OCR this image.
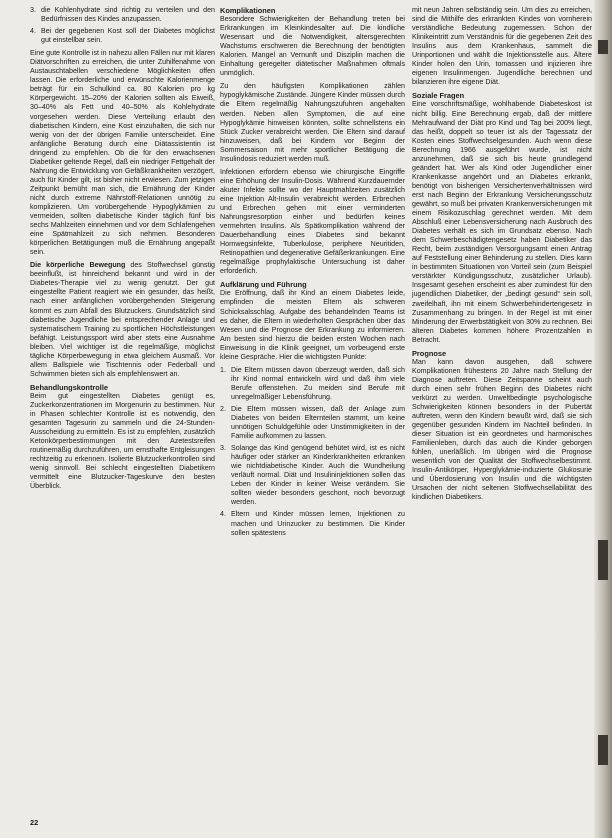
3. die Kohlenhydrate sind richtig zu verteilen und den Bedürfnissen des Kindes anzupassen.
4. Bei der gegebenen Kost soll der Diabetes möglichst gut einstellbar sein.

Eine gute Kontrolle ist in nahezu allen Fällen nur mit klaren Diätvorschriften zu erreichen, die unter Zuhilfenahme von Austauschtabellen verschiedene Möglichkeiten offen lassen. Die erforderliche und erwünschte Kalorienmenge beträgt für ein Schulkind ca. 80 Kalorien pro kg Körpergewicht. 15–20% der Kalorien sollten als Eiweiß, 30–40% als Fett und 40–50% als Kohlehydrate vorgesehen werden. Diese Verteilung erlaubt den diabetischen Kindern, eine Kost einzuhalten, die sich nur wenig von der der übrigen Familie unterscheidet. Eine anfängliche Beratung durch eine Diätassistentin ist dringend zu empfehlen. Ob die für den erwachsenen Diabetiker geltende Regel, daß ein niedriger Fettgehalt der Nahrung die Entwicklung von Gefäßkrankheiten verzögert, auch für Kinder gilt, ist bisher nicht erwiesen. Zum jetzigen Zeitpunkt bemüht man sich, die Ernährung der Kinder nicht durch extreme Nährstoff-Relationen unnötig zu komplizieren. Um vorübergehende Hypoglykämien zu vermeiden, sollten diabetische Kinder täglich fünf bis sechs Mahlzeiten einnehmen und vor dem Schlafengehen eine Spätmahlzeit zu sich nehmen. Besonderen körperlichen Betätigungen muß die Ernährung angepaßt sein.

Die körperliche Bewegung des Stoffwechsel günstig beeinflußt, ist hinreichend bekannt und wird in der Diabetes-Therapie viel zu wenig genutzt. Der gut eingestellte Patient reagiert wie ein gesunder, das heißt, nach einer anfänglichen vorübergehenden Steigerung kommt es zum Abfall des Blutzuckers. Grundsätzlich sind diabetische Jugendliche bei entsprechender Anlage und systematischem Training zu sportlichen Höchstleistungen befähigt. Leistungssport wird aber stets eine Ausnahme bleiben. Viel wichtiger ist die regelmäßige, möglichst tägliche Körperbewegung in etwa gleichem Ausmaß. Vor allem Ballspiele wie Tischtennis oder Federball und Schwimmen bieten sich als empfehlenswert an.

Behandlungskontrolle

Beim gut eingestellten Diabetes genügt es, Zuckerkonzentrationen im Morgenurin zu bestimmen. Nur in Phasen schlechter Kontrolle ist es notwendig, den gesamten Tagesurin zu sammeln und die 24-Stunden-Ausscheidung zu ermitteln. Es ist zu empfehlen, zusätzlich Ketonkörperbestimmungen mit den Azetestsreifen routinemäßig durchzuführen, um ernsthafte Entgleisungen rechtzeitig zu erkennen. Isolierte Blutzuckerkontrollen sind wenig sinnvoll. Bei schlecht eingestellten Diabetikern vermittelt eine Blutzucker-Tageskurve den besten Überblick.

Komplikationen

Besondere Schwierigkeiten der Behandlung treten bei Erkrankungen im Kleinkindesalter auf. Die kindliche Wesensart und die Notwendigkeit, altersgerechten Wachstums erschweren die Berechnung der benötigten Kalorien. Mangel an Vernunft und Disziplin machen die Einhaltung geregelter diätetischer Maßnahmen oftmals unmöglich.

Zu den häufigsten Komplikationen zählen hypoglykämische Zustände. Jüngere Kinder müssen durch die Eltern regelmäßig Nahrungszufuhren angehalten werden. Neben allen Symptomen, die auf eine Hypoglykämie hinweisen könnten, sollte schnellstens ein Stück Zucker verabreicht werden. Die Eltern sind darauf hinzuweisen, daß bei Kindern vor Beginn der Sommersaison mit mehr sportlicher Betätigung die Insulindosis reduziert werden muß.

Infektionen erfordern ebenso wie chirurgische Eingriffe eine Erhöhung der Insulin-Dosis. Während Kurzdauernder akuter Infekte sollte wo der Hauptmahlzeiten zusätzlich eine Injektion Alt-Insulin verabreicht werden. Erbrechen und Erbrechen gehen mit einer verminderten Nahrungsresorption einher und bedürfen keines vermehrten Insulins. Als Spätkomplikation während der Dauerbehandlung eines Diabetes sind bekannt Hornwegsinfekte, Tuberkulose, periphere Neuritiden, Retinopathien und degenerative Gefäßerkrankungen. Eine regelmäßige prophylaktische Untersuchung ist daher erforderlich.

Aufklärung und Führung

Die Eröffnung, daß ihr Kind an einem Diabetes leide, empfinden die meisten Eltern als schweren Schicksalsschlag. Aufgabe des behandelnden Teams ist es daher, die Eltern in wiederholten Gesprächen über das Wesen und die Prognose der Erkrankung zu informieren. Am besten sind hierzu die beiden ersten Wochen nach Einweisung in die Klinik geeignet, um vorbeugend erste kleine Gespräche. Hier die wichtigsten Punkte:

1. Die Eltern müssen davon überzeugt werden, daß sich ihr Kind normal entwickeln wird und daß ihm viele Berufe offenstehen. Zu meiden sind Berufe mit unregelmäßiger Lebensführung.
2. Die Eltern müssen wissen, daß der Anlage zum Diabetes von beiden Elternteilen stammt, um keine unnötigen Schuldgefühle oder Unstimmigkeiten in der Familie aufkommen zu lassen.
3. Solange das Kind genügend behütet wird, ist es nicht häufiger oder stärker an Kinderkrankheiten erkranken wie nichtdiabetische Kinder. Auch die Wundheilung verläuft normal. Diät und Insulininjektionen sollen das Leben der Kinder in keiner Weise verändern. Sie sollten wieder besonders geschont, noch bevorzugt werden.
4. Eltern und Kinder müssen lernen, Injektionen zu machen und Urinzucker zu bestimmen. Die Kinder sollen spätestens

mit neun Jahren selbständig sein. Um dies zu erreichen, sind die Mithilfe des erkrankten Kindes von vornherein verständliche Bedeutung zugemessen. Schon der Klinikeintritt zum Verständnis für die gegebenen Zeit des Insulins aus dem Krankenhaus, sammelt die Urinportionen und wählt die Injektionsstelle aus. Ältere Kinder holen den Urin, tomassen und injizieren ihre eigenen Insulinmengen. Jugendliche berechnen und bilanzieren ihre eigene Diät.

Soziale Fragen

Eine vorschriftsmäßige, wohlhabende Diabeteskost ist nicht billig. Eine Berechnung ergab, daß der mittlere Mehraufwand der Diät pro Kind und Tag bei 200% liegt, das heißt, doppelt so teuer ist als der Tagessatz der Kosten eines Stoffwechselgesunden. Auch wenn diese Berechnung 1966 ausgeführt wurde, ist nicht anzunehmen, daß sie sich bis heute grundlegend geändert hat. Wer als Kind oder Jugendlicher einer Krankenkasse angehört und an Diabetes erkrankt, benötigt von bisherigen Versichertenverhältnissen wird erst nach Beginn der Erkrankung Versicherungsschutz gewährt, so muß bei privaten Krankenversicherungen mit einem Risikozuschlag gerechnet werden. Mit dem Abschluß einer Lebensversicherung nach Ausbruch des Diabetes verhält es sich im Grundsatz ebenso. Nach dem Schwerbeschädigtengesetz haben Diabetiker das Recht, beim zuständigen Versorgungsamt einen Antrag auf Feststellung einer Behinderung zu stellen. Dies kann in bestimmten Situationen von Vorteil sein (zum Beispiel verstärkter Kündigungsschutz, zusätzlicher Urlaub). Insgesamt gesehen erscheint es aber zumindest für den jugendlichen Diabetiker, der „bedingt gesund“ sein soll, zweifelhaft, ihn mit einem Schwerbehindertengesetz in Zusammenhang zu bringen. In der Regel ist mit einer Minderung der Erwerbstätigkeit von 30% zu rechnen. Bei älteren Diabetes kommen höhere Prozentzahlen in Betracht.

Prognose

Man kann davon ausgehen, daß schwere Komplikationen frühestens 20 Jahre nach Stellung der Diagnose auftreten. Diese Zeitspanne scheint auch durch einen sehr frühen Beginn des Diabetes nicht verkürzt zu werden. Unweltbedingte psychologische Schwierigkeiten können besonders in der Pubertät auftreten, wenn den Kindern bewußt wird, daß sie sich gegenüber gesunden Kindern im Nachteil befinden. In dieser Situation ist ein geordnetes und harmonisches Familienleben, durch das auch die Kinder geborgen fühlen, unerläßlich. Im übrigen wird die Prognose wesentlich von der Qualität der Stoffwechselbestimmt. Insulin-Antikörper, Hyperglykämie-induzierte Glukosurie und Überdosierung von Insulin und die wichtigsten Ursachen der nicht seltenen Stoffwechsellabilität des kindlichen Diabetikers.

22
